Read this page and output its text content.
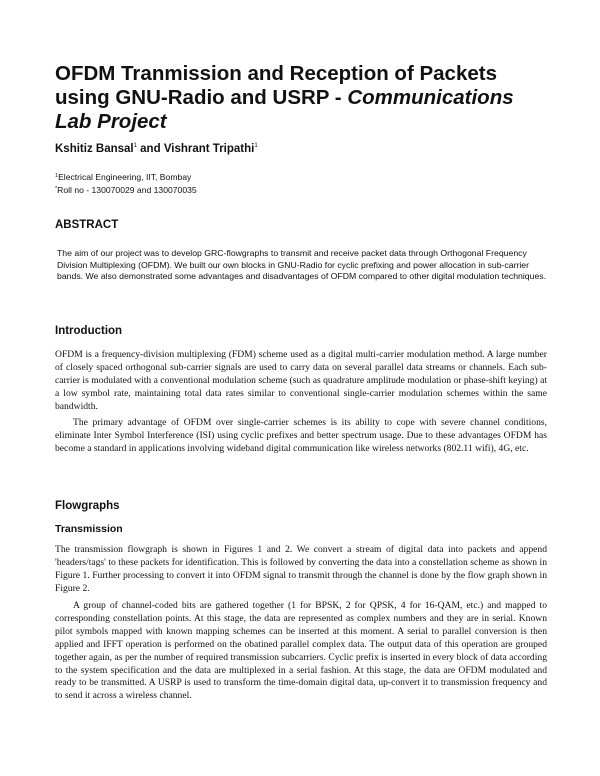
OFDM Tranmission and Reception of Packets using GNU-Radio and USRP - Communications Lab Project
Kshitiz Bansal$^1$ and Vishrant Tripathi$^1$
$^1$Electrical Engineering, IIT, Bombay
*Roll no - 130070029 and 130070035
ABSTRACT

The aim of our project was to develop GRC-flowgraphs to transmit and receive packet data through Orthogonal Frequency Division Multiplexing (OFDM). We built our own blocks in GNU-Radio for cyclic prefixing and power allocation in sub-carrier bands. We also demonstrated some advantages and disadvantages of OFDM compared to other digital modulation techniques.

Introduction

OFDM is a frequency-division multiplexing (FDM) scheme used as a digital multi-carrier modulation method. A large number of closely spaced orthogonal sub-carrier signals are used to carry data on several parallel data streams or channels. Each sub-carrier is modulated with a conventional modulation scheme (such as quadrature amplitude modulation or phase-shift keying) at a low symbol rate, maintaining total data rates similar to conventional single-carrier modulation schemes within the same bandwidth.

The primary advantage of OFDM over single-carrier schemes is its ability to cope with severe channel conditions, eliminate Inter Symbol Interference (ISI) using cyclic prefixes and better spectrum usage. Due to these advantages OFDM has become a standard in applications involving wideband digital communication like wireless networks (802.11 wifi), 4G, etc.

Flowgraphs
Transmission

The transmission flowgraph is shown in Figures 1 and 2. We convert a stream of digital data into packets and append 'headers/tags' to these packets for identification. This is followed by converting the data into a constellation scheme as shown in Figure 1. Further processing to convert it into OFDM signal to transmit through the channel is done by the flow graph shown in Figure 2.

A group of channel-coded bits are gathered together (1 for BPSK, 2 for QPSK, 4 for 16-QAM, etc.) and mapped to corresponding constellation points. At this stage, the data are represented as complex numbers and they are in serial. Known pilot symbols mapped with known mapping schemes can be inserted at this moment. A serial to parallel conversion is then applied and IFFT operation is performed on the obatined parallel complex data. The output data of this operation are grouped together again, as per the number of required transmission subcarriers. Cyclic prefix is inserted in every block of data according to the system specification and the data are multiplexed in a serial fashion. At this stage, the data are OFDM modulated and ready to be transmitted. A USRP is used to transform the time-domain digital data, up-convert it to transmission frequency and to send it across a wireless channel.
